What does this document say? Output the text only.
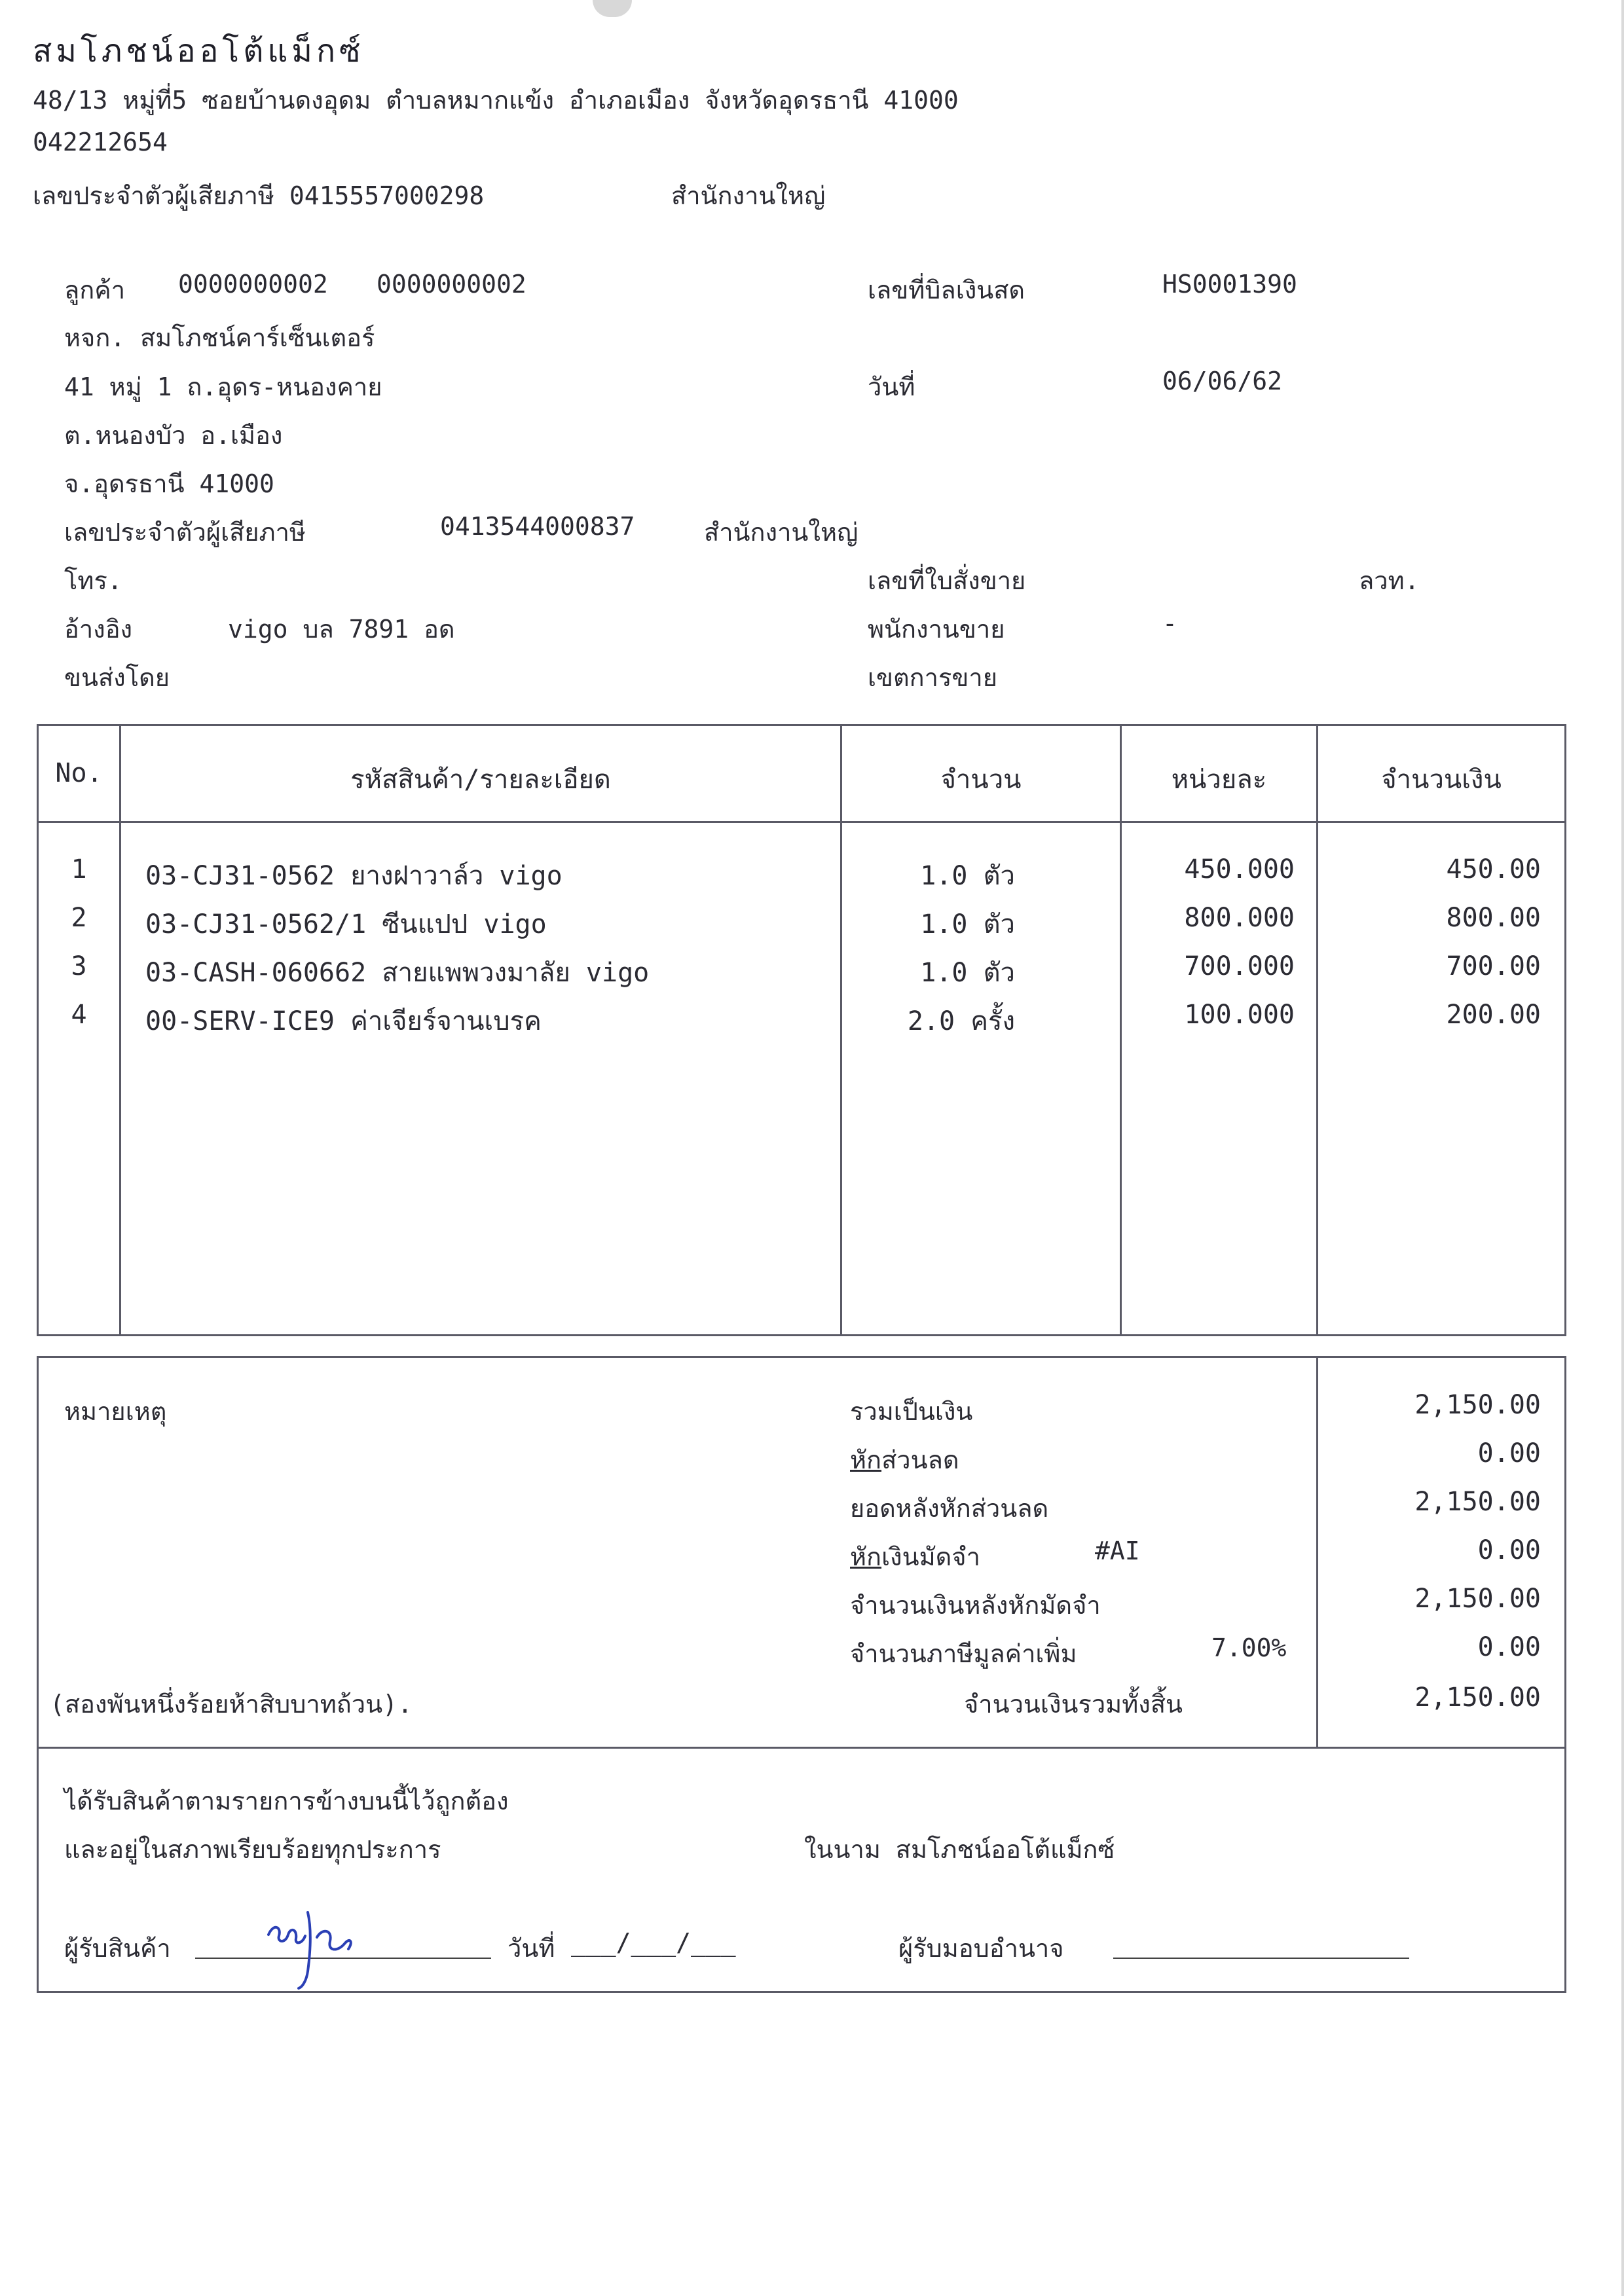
สมโภชน์ออโต้แม็กซ์
48/13 หมู่ที่5 ซอยบ้านดงอุดม ตำบลหมากแข้ง อำเภอเมือง จังหวัดอุดรธานี 41000
042212654
เลขประจำตัวผู้เสียภาษี 0415557000298	สำนักงานใหญ่
ลูกค้า 0000000002 0000000002
หจก. สมโภชน์คาร์เซ็นเตอร์
41 หมู่ 1 ถ.อุดร-หนองคาย
ต.หนองบัว อ.เมือง
จ.อุดรธานี 41000
เลขประจำตัวผู้เสียภาษี	0413544000837	สำนักงานใหญ่
โทร.
อ้างอิง	vigo บล 7891 อด
ขนส่งโดย
เลขที่บิลเงินสด	HS0001390
วันที่	06/06/62
เลขที่ใบสั่งขาย	ลวท.
พนักงานขาย	-
เขตการขาย
No.	รหัสสินค้า/รายละเอียด	จำนวน	หน่วยละ	จำนวนเงิน
1	03-CJ31-0562 ยางฝาวาล์ว vigo	1.0 ตัว	450.000	450.00
2	03-CJ31-0562/1 ซีนแปป vigo	1.0 ตัว	800.000	800.00
3	03-CASH-060662 สายแพพวงมาลัย vigo	1.0 ตัว	700.000	700.00
4	00-SERV-ICE9 ค่าเจียร์จานเบรค	2.0 ครั้ง	100.000	200.00
หมายเหตุ	รวมเป็นเงิน	2,150.00
หักส่วนลด	0.00
ยอดหลังหักส่วนลด	2,150.00
หักเงินมัดจำ	#AI	0.00
จำนวนเงินหลังหักมัดจำ	2,150.00
จำนวนภาษีมูลค่าเพิ่ม	7.00%	0.00
(สองพันหนึ่งร้อยห้าสิบบาทถ้วน).	จำนวนเงินรวมทั้งสิ้น	2,150.00
ได้รับสินค้าตามรายการข้างบนนี้ไว้ถูกต้อง
และอยู่ในสภาพเรียบร้อยทุกประการ	ในนาม สมโภชน์ออโต้แม็กซ์
ผู้รับสินค้า	วันที่ ___/___/___	ผู้รับมอบอำนาจ
